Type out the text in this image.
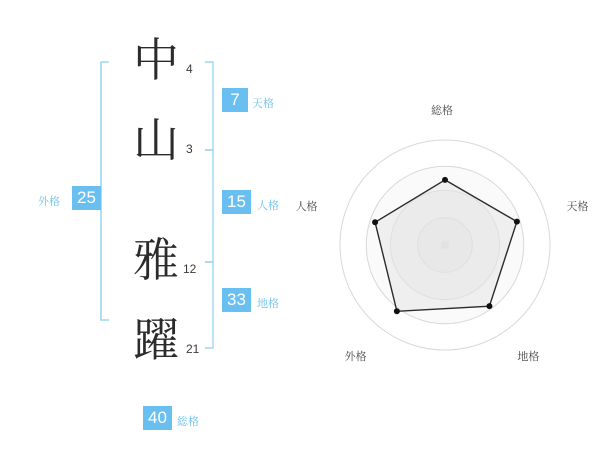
中
山
雅
躍
4
3
12
21
7	天格
15	人格
33	地格
25
外格
40 総格
総格
天格
地格
外格
人格
